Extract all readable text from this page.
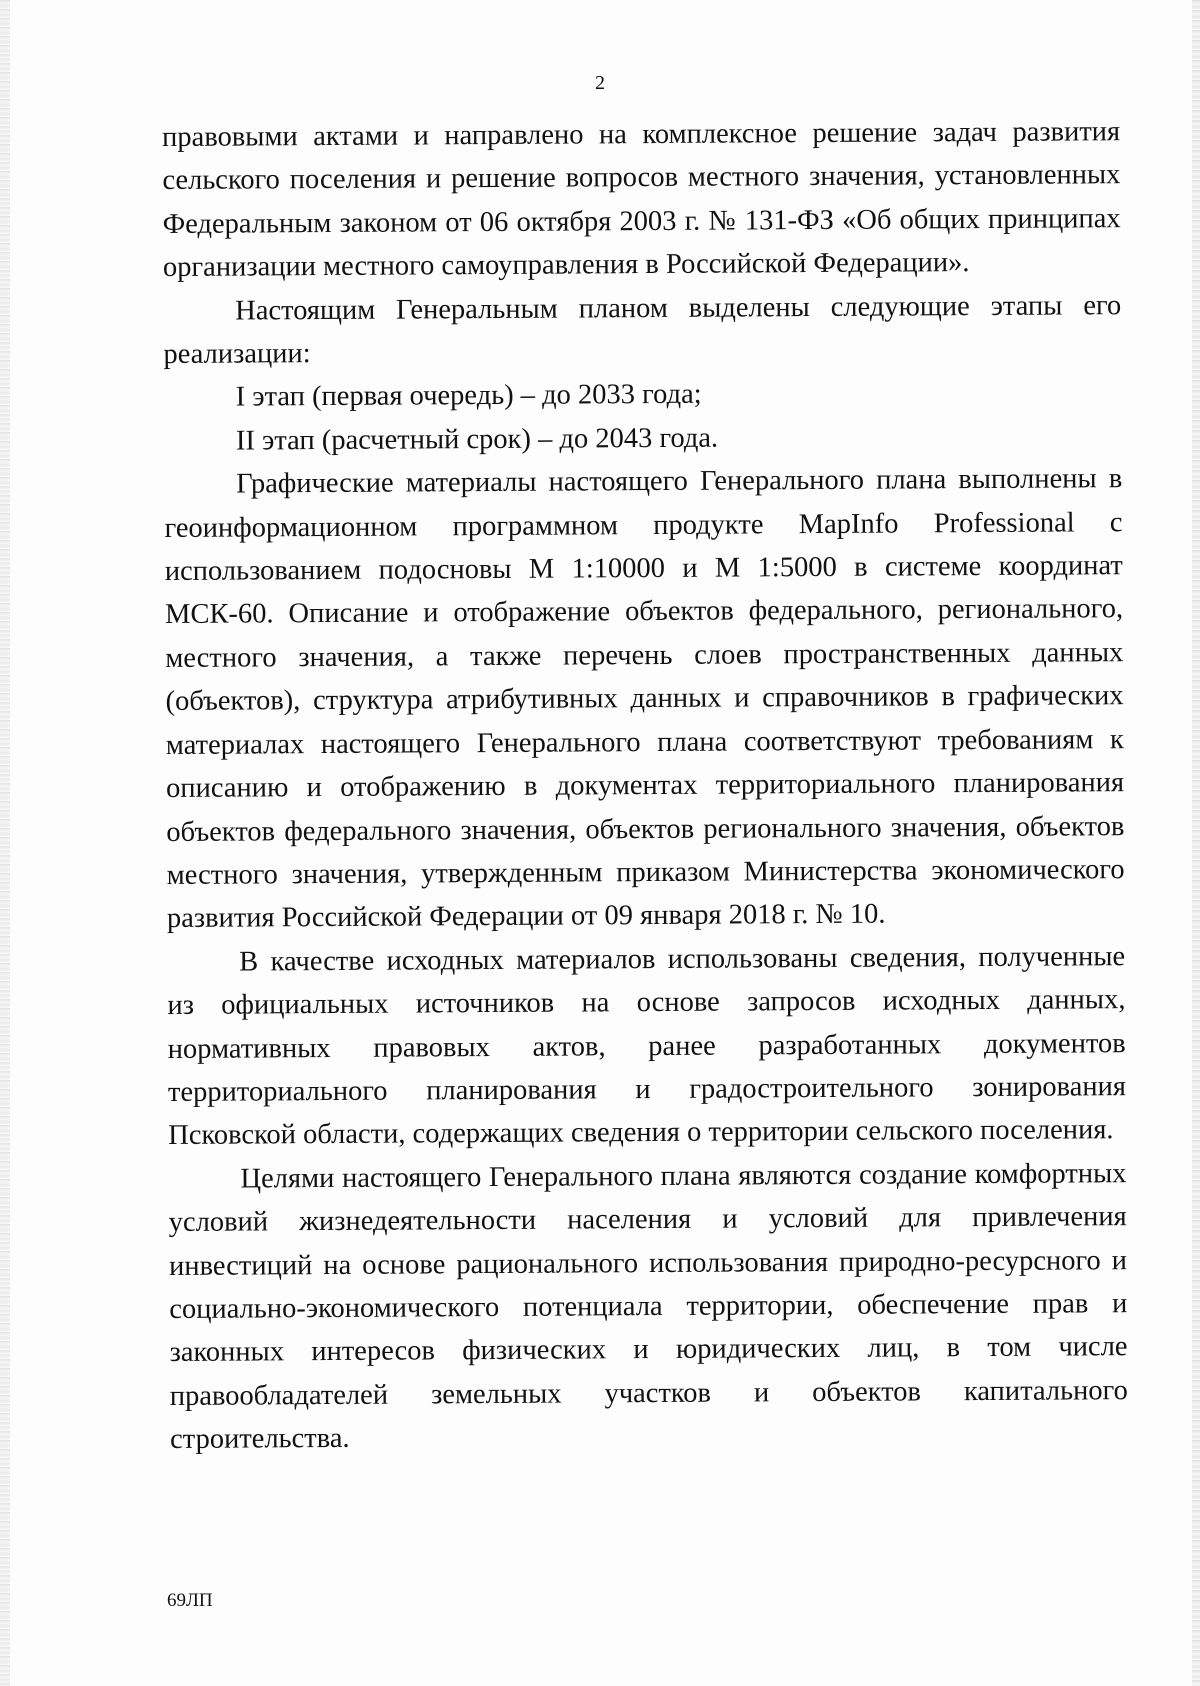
2

правовыми актами и направлено на комплексное решение задач развития сельского поселения и решение вопросов местного значения, установленных Федеральным законом от 06 октября 2003 г. № 131-ФЗ «Об общих принципах организации местного самоуправления в Российской Федерации».

Настоящим Генеральным планом выделены следующие этапы его реализации:

I этап (первая очередь) – до 2033 года;

II этап (расчетный срок) – до 2043 года.

Графические материалы настоящего Генерального плана выполнены в геоинформационном программном продукте MapInfo Professional с использованием подосновы М 1:10000 и М 1:5000 в системе координат МСК-60. Описание и отображение объектов федерального, регионального, местного значения, а также перечень слоев пространственных данных (объектов), структура атрибутивных данных и справочников в графических материалах настоящего Генерального плана соответствуют требованиям к описанию и отображению в документах территориального планирования объектов федерального значения, объектов регионального значения, объектов местного значения, утвержденным приказом Министерства экономического развития Российской Федерации от 09 января 2018 г. № 10.

В качестве исходных материалов использованы сведения, полученные из официальных источников на основе запросов исходных данных, нормативных правовых актов, ранее разработанных документов территориального планирования и градостроительного зонирования Псковской области, содержащих сведения о территории сельского поселения.

Целями настоящего Генерального плана являются создание комфортных условий жизнедеятельности населения и условий для привлечения инвестиций на основе рационального использования природно-ресурсного и социально-экономического потенциала территории, обеспечение прав и законных интересов физических и юридических лиц, в том числе правообладателей земельных участков и объектов капитального строительства.

69ЛП
